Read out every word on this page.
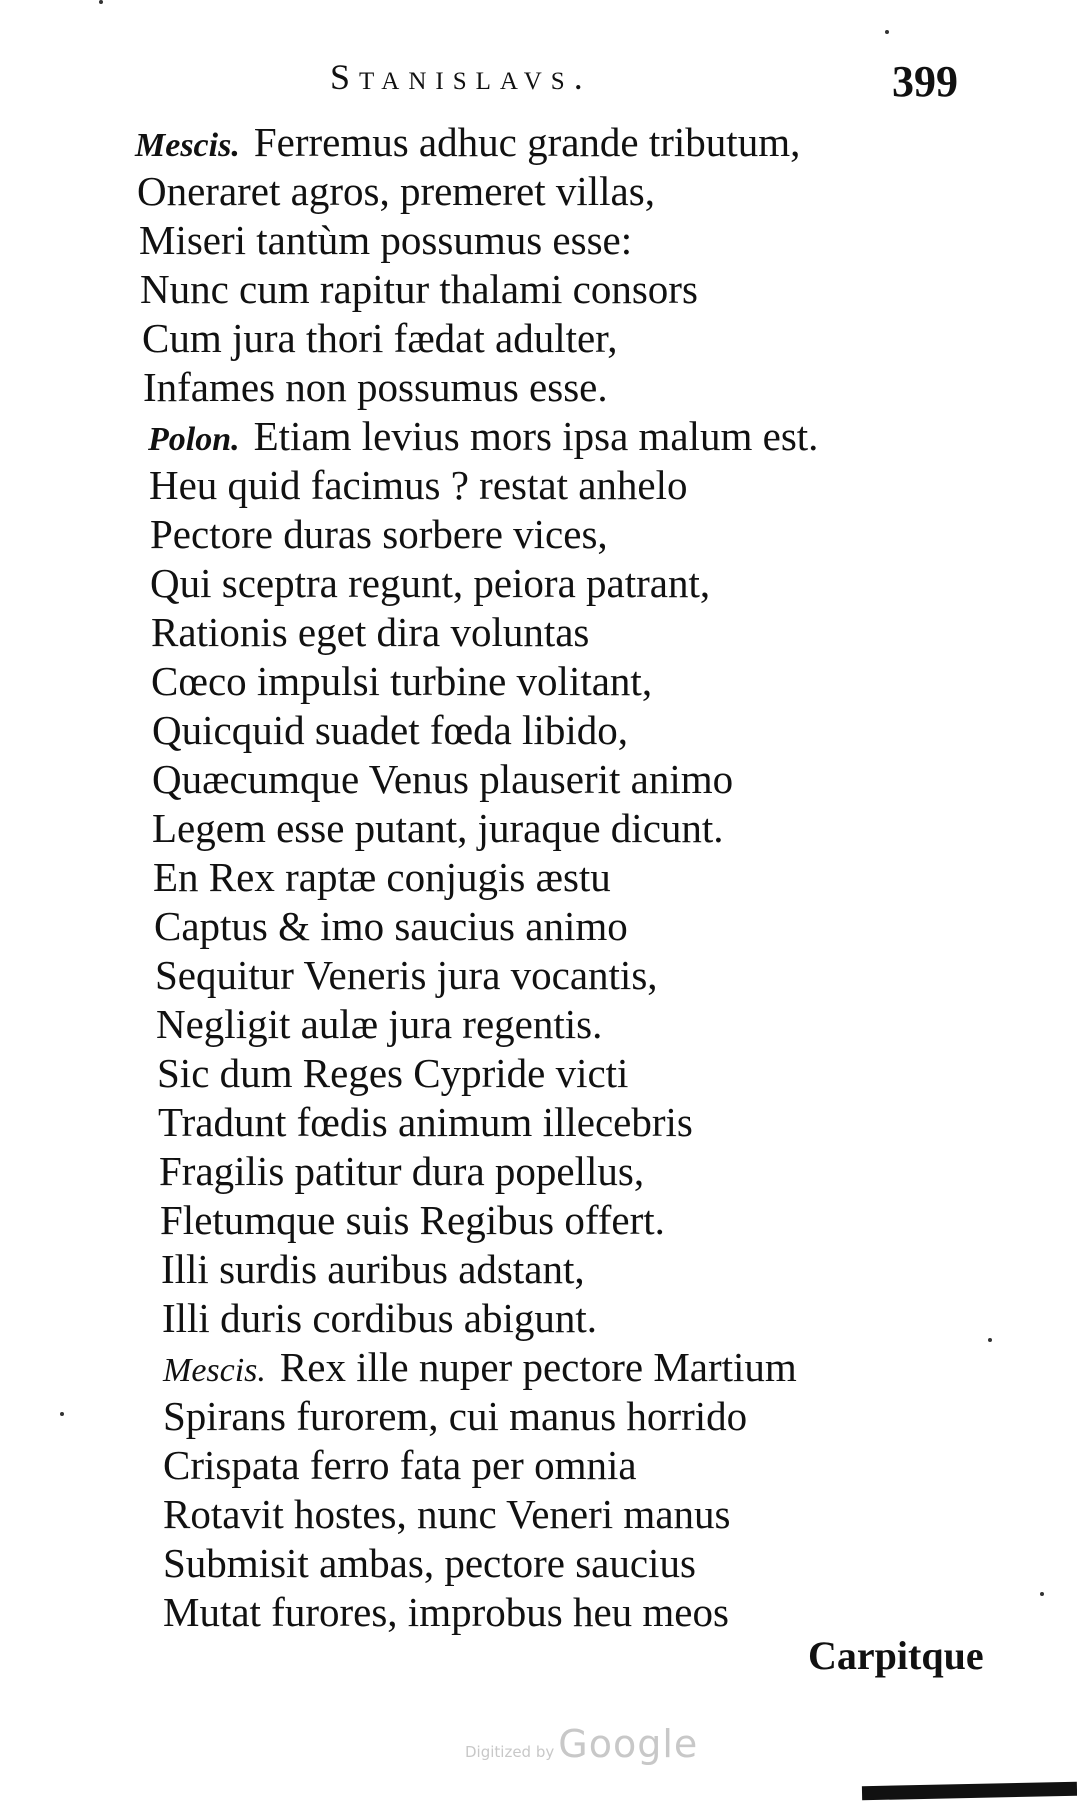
Stanislavs.	399
Mescis. Ferremus adhuc grande tributum,
Oneraret agros, premeret villas,
Miseri tantùm possumus esse:
Nunc cum rapitur thalami consors
Cum jura thori fædat adulter,
Infames non possumus esse.
Polon. Etiam levius mors ipsa malum est.
Heu quid facimus ? restat anhelo
Pectore duras sorbere vices,
Qui sceptra regunt, peiora patrant,
Rationis eget dira voluntas
Cœco impulsi turbine volitant,
Quicquid suadet fœda libido,
Quæcumque Venus plauserit animo
Legem esse putant, juraque dicunt.
En Rex raptæ conjugis æstu
Captus & imo saucius animo
Sequitur Veneris jura vocantis,
Negligit aulæ jura regentis.
Sic dum Reges Cypride victi
Tradunt fœdis animum illecebris
Fragilis patitur dura popellus,
Fletumque suis Regibus offert.
Illi surdis auribus adstant,
Illi duris cordibus abigunt.
Mescis. Rex ille nuper pectore Martium
Spirans furorem, cui manus horrido
Crispata ferro fata per omnia
Rotavit hostes, nunc Veneri manus
Submisit ambas, pectore saucius
Mutat furores, improbus heu meos
Carpitque
Digitized by Google
